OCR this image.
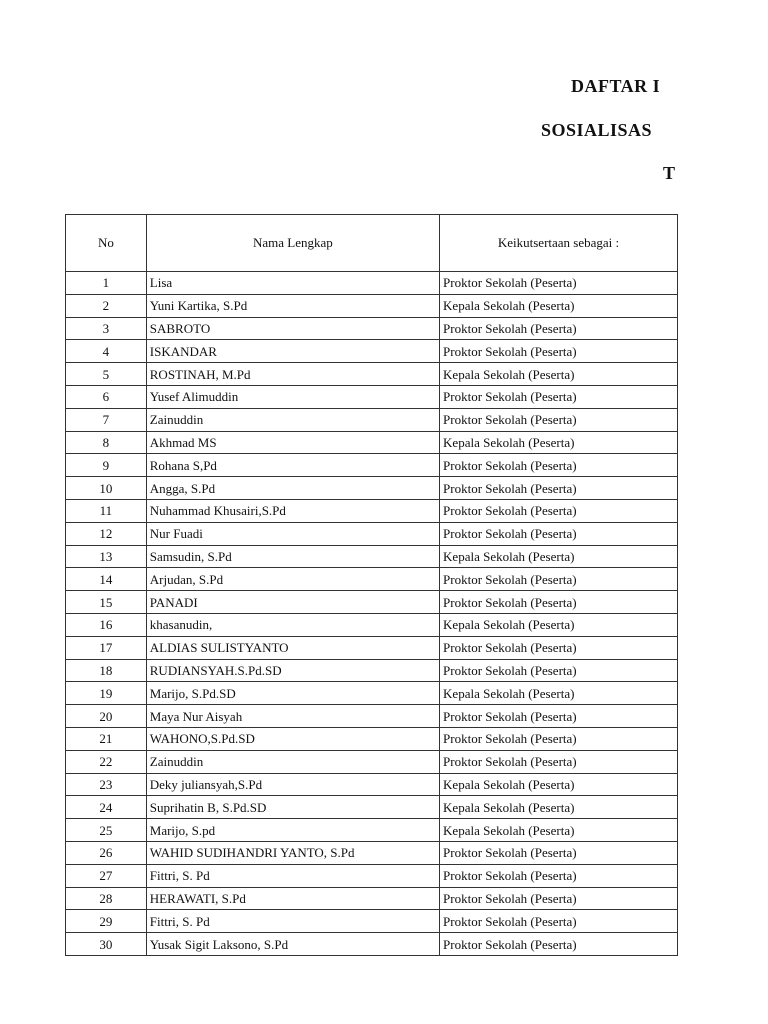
DAFTAR I
SOSIALISAS
T
No	Nama Lengkap	Keikutsertaan sebagai :
1	Lisa	Proktor Sekolah (Peserta)
2	Yuni Kartika, S.Pd	Kepala Sekolah (Peserta)
3	SABROTO	Proktor Sekolah (Peserta)
4	ISKANDAR	Proktor Sekolah (Peserta)
5	ROSTINAH, M.Pd	Kepala Sekolah (Peserta)
6	Yusef Alimuddin	Proktor Sekolah (Peserta)
7	Zainuddin	Proktor Sekolah (Peserta)
8	Akhmad MS	Kepala Sekolah (Peserta)
9	Rohana S,Pd	Proktor Sekolah (Peserta)
10	Angga, S.Pd	Proktor Sekolah (Peserta)
11	Nuhammad Khusairi,S.Pd	Proktor Sekolah (Peserta)
12	Nur Fuadi	Proktor Sekolah (Peserta)
13	Samsudin, S.Pd	Kepala Sekolah (Peserta)
14	Arjudan, S.Pd	Proktor Sekolah (Peserta)
15	PANADI	Proktor Sekolah (Peserta)
16	khasanudin,	Kepala Sekolah (Peserta)
17	ALDIAS SULISTYANTO	Proktor Sekolah (Peserta)
18	RUDIANSYAH.S.Pd.SD	Proktor Sekolah (Peserta)
19	Marijo, S.Pd.SD	Kepala Sekolah (Peserta)
20	Maya Nur Aisyah	Proktor Sekolah (Peserta)
21	WAHONO,S.Pd.SD	Proktor Sekolah (Peserta)
22	Zainuddin	Proktor Sekolah (Peserta)
23	Deky juliansyah,S.Pd	Kepala Sekolah (Peserta)
24	Suprihatin B, S.Pd.SD	Kepala Sekolah (Peserta)
25	Marijo, S.pd	Kepala Sekolah (Peserta)
26	WAHID SUDIHANDRI YANTO, S.Pd	Proktor Sekolah (Peserta)
27	Fittri, S. Pd	Proktor Sekolah (Peserta)
28	HERAWATI, S.Pd	Proktor Sekolah (Peserta)
29	Fittri, S. Pd	Proktor Sekolah (Peserta)
30	Yusak Sigit Laksono, S.Pd	Proktor Sekolah (Peserta)
